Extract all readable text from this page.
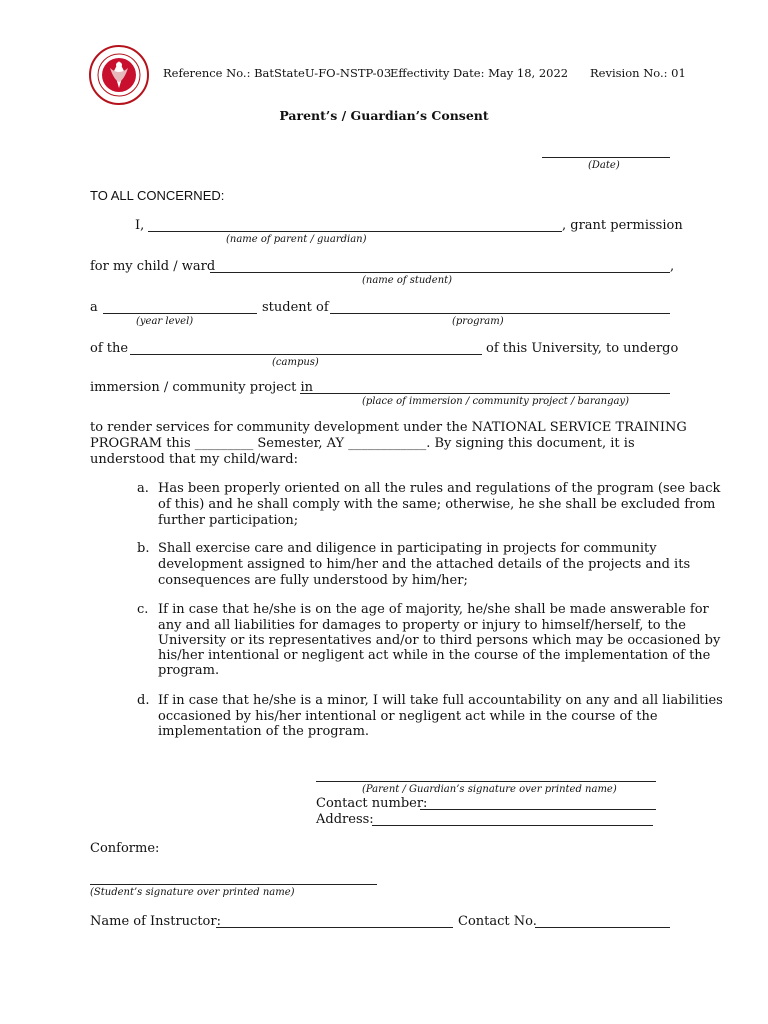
Reference No.: BatStateU-FO-NSTP-03
Effectivity Date: May 18, 2022 Revision No.: 01
Parent’s / Guardian’s Consent
(Date)
TO ALL CONCERNED:
I,	, grant permission
(name of parent / guardian)
for my child / ward	,
(name of student)
a	student of
(year level)	(program)
of the	of this University, to undergo
(campus)
immersion / community project in
(place of immersion / community project / barangay)
to render services for community development under the NATIONAL SERVICE TRAINING
PROGRAM this _________ Semester, AY ____________. By signing this document, it is
understood that my child/ward:
a. Has been properly oriented on all the rules and regulations of the program (see back
of this) and he shall comply with the same; otherwise, he she shall be excluded from
further participation;
b. Shall exercise care and diligence in participating in projects for community
development assigned to him/her and the attached details of the projects and its
consequences are fully understood by him/her;
c. If in case that he/she is on the age of majority, he/she shall be made answerable for
any and all liabilities for damages to property or injury to himself/herself, to the
University or its representatives and/or to third persons which may be occasioned by
his/her intentional or negligent act while in the course of the implementation of the
program.
d. If in case that he/she is a minor, I will take full accountability on any and all liabilities
occasioned by his/her intentional or negligent act while in the course of the
implementation of the program.
(Parent / Guardian’s signature over printed name)
Contact number:
Address:
Conforme:
(Student’s signature over printed name)
Name of Instructor:	Contact No.
